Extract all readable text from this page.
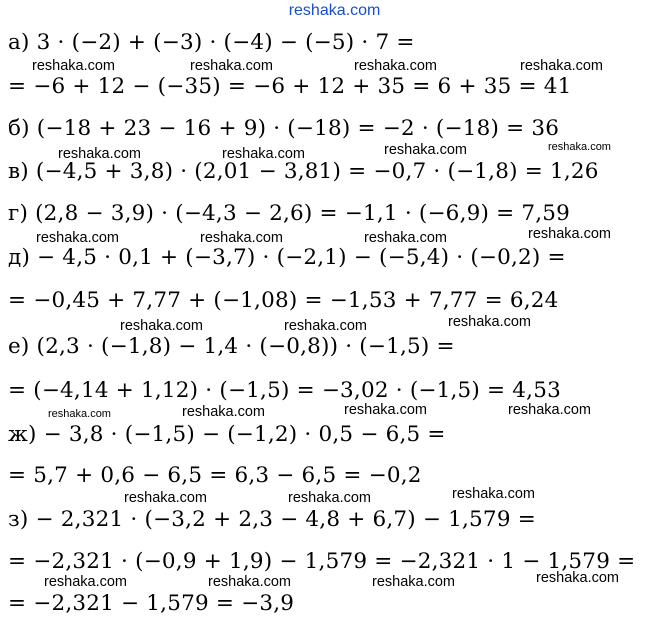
reshaka.com
а) 3 · (−2) + (−3) · (−4) − (−5) · 7 =
= −6 + 12 − (−35) = −6 + 12 + 35 = 6 + 35 = 41
б) (−18 + 23 − 16 + 9) · (−18) = −2 · (−18) = 36
в) (−4,5 + 3,8) · (2,01 − 3,81) = −0,7 · (−1,8) = 1,26
г) (2,8 − 3,9) · (−4,3 − 2,6) = −1,1 · (−6,9) = 7,59
д) − 4,5 · 0,1 + (−3,7) · (−2,1) − (−5,4) · (−0,2) =
= −0,45 + 7,77 + (−1,08) = −1,53 + 7,77 = 6,24
е) (2,3 · (−1,8) − 1,4 · (−0,8)) · (−1,5) =
= (−4,14 + 1,12) · (−1,5) = −3,02 · (−1,5) = 4,53
ж) − 3,8 · (−1,5) − (−1,2) · 0,5 − 6,5 =
= 5,7 + 0,6 − 6,5 = 6,3 − 6,5 = −0,2
з) − 2,321 · (−3,2 + 2,3 − 4,8 + 6,7) − 1,579 =
= −2,321 · (−0,9 + 1,9) − 1,579 = −2,321 · 1 − 1,579 =
= −2,321 − 1,579 = −3,9
reshaka.com	reshaka.com	reshaka.com	reshaka.com
reshaka.com	reshaka.com	reshaka.com	reshaka.com
reshaka.com	reshaka.com	reshaka.com	reshaka.com
reshaka.com	reshaka.com	reshaka.com
reshaka.com	reshaka.com	reshaka.com	reshaka.com
reshaka.com	reshaka.com	reshaka.com
reshaka.com	reshaka.com	reshaka.com	reshaka.com
